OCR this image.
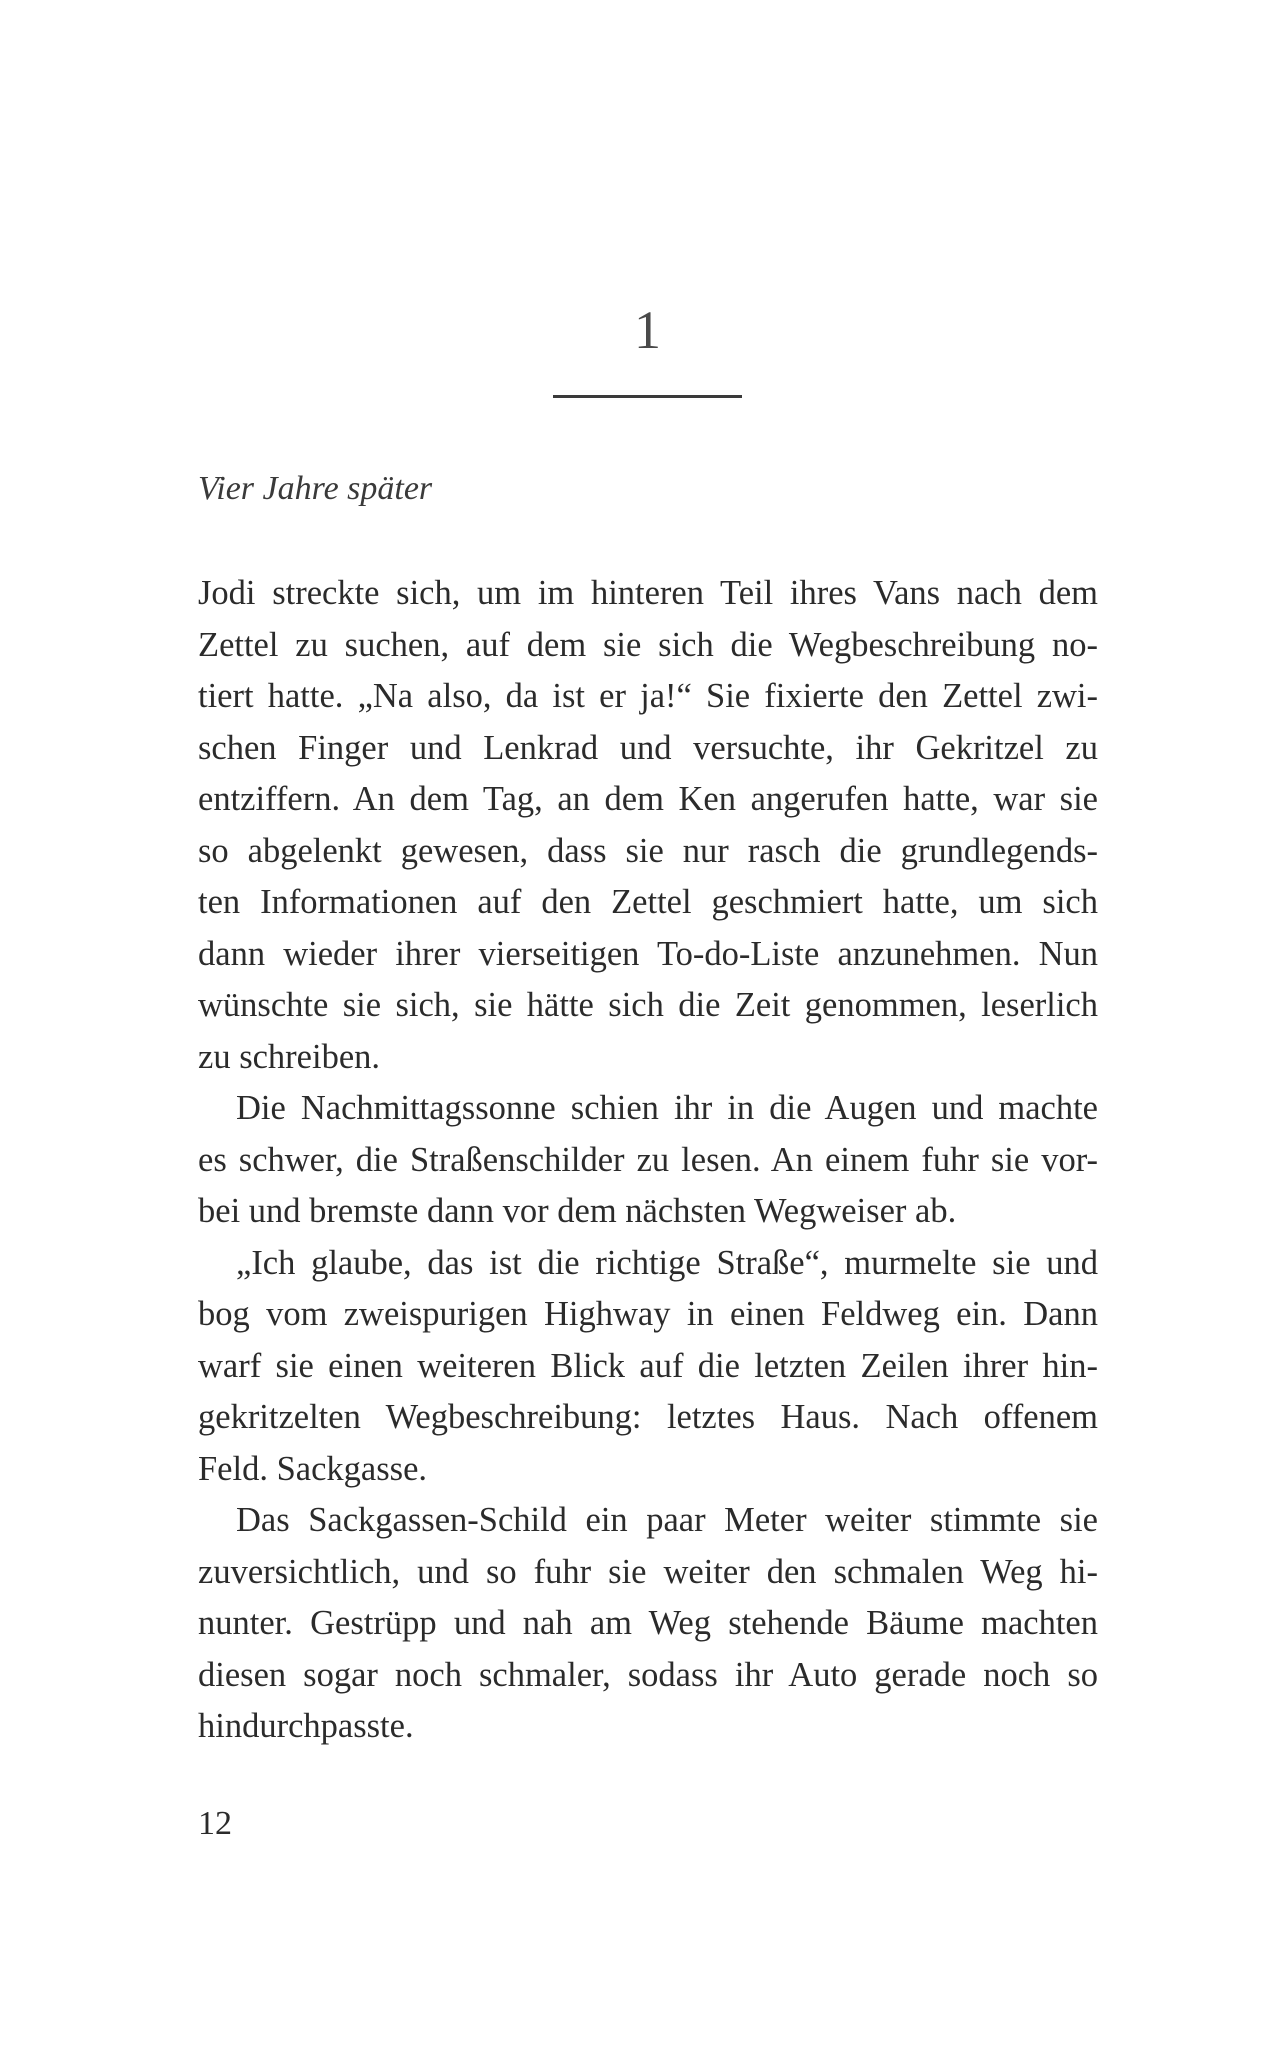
1
Vier Jahre später
Jodi streckte sich, um im hinteren Teil ihres Vans nach dem
Zettel zu suchen, auf dem sie sich die Wegbeschreibung no-
tiert hatte. „Na also, da ist er ja!“ Sie fixierte den Zettel zwi-
schen Finger und Lenkrad und versuchte, ihr Gekritzel zu
entziffern. An dem Tag, an dem Ken angerufen hatte, war sie
so abgelenkt gewesen, dass sie nur rasch die grundlegends-
ten Informationen auf den Zettel geschmiert hatte, um sich
dann wieder ihrer vierseitigen To-do-Liste anzunehmen. Nun
wünschte sie sich, sie hätte sich die Zeit genommen, leserlich
zu schreiben.
Die Nachmittagssonne schien ihr in die Augen und machte
es schwer, die Straßenschilder zu lesen. An einem fuhr sie vor-
bei und bremste dann vor dem nächsten Wegweiser ab.
„Ich glaube, das ist die richtige Straße“, murmelte sie und
bog vom zweispurigen Highway in einen Feldweg ein. Dann
warf sie einen weiteren Blick auf die letzten Zeilen ihrer hin-
gekritzelten Wegbeschreibung: letztes Haus. Nach offenem
Feld. Sackgasse.
Das Sackgassen-Schild ein paar Meter weiter stimmte sie
zuversichtlich, und so fuhr sie weiter den schmalen Weg hi-
nunter. Gestrüpp und nah am Weg stehende Bäume machten
diesen sogar noch schmaler, sodass ihr Auto gerade noch so
hindurchpasste.
12
